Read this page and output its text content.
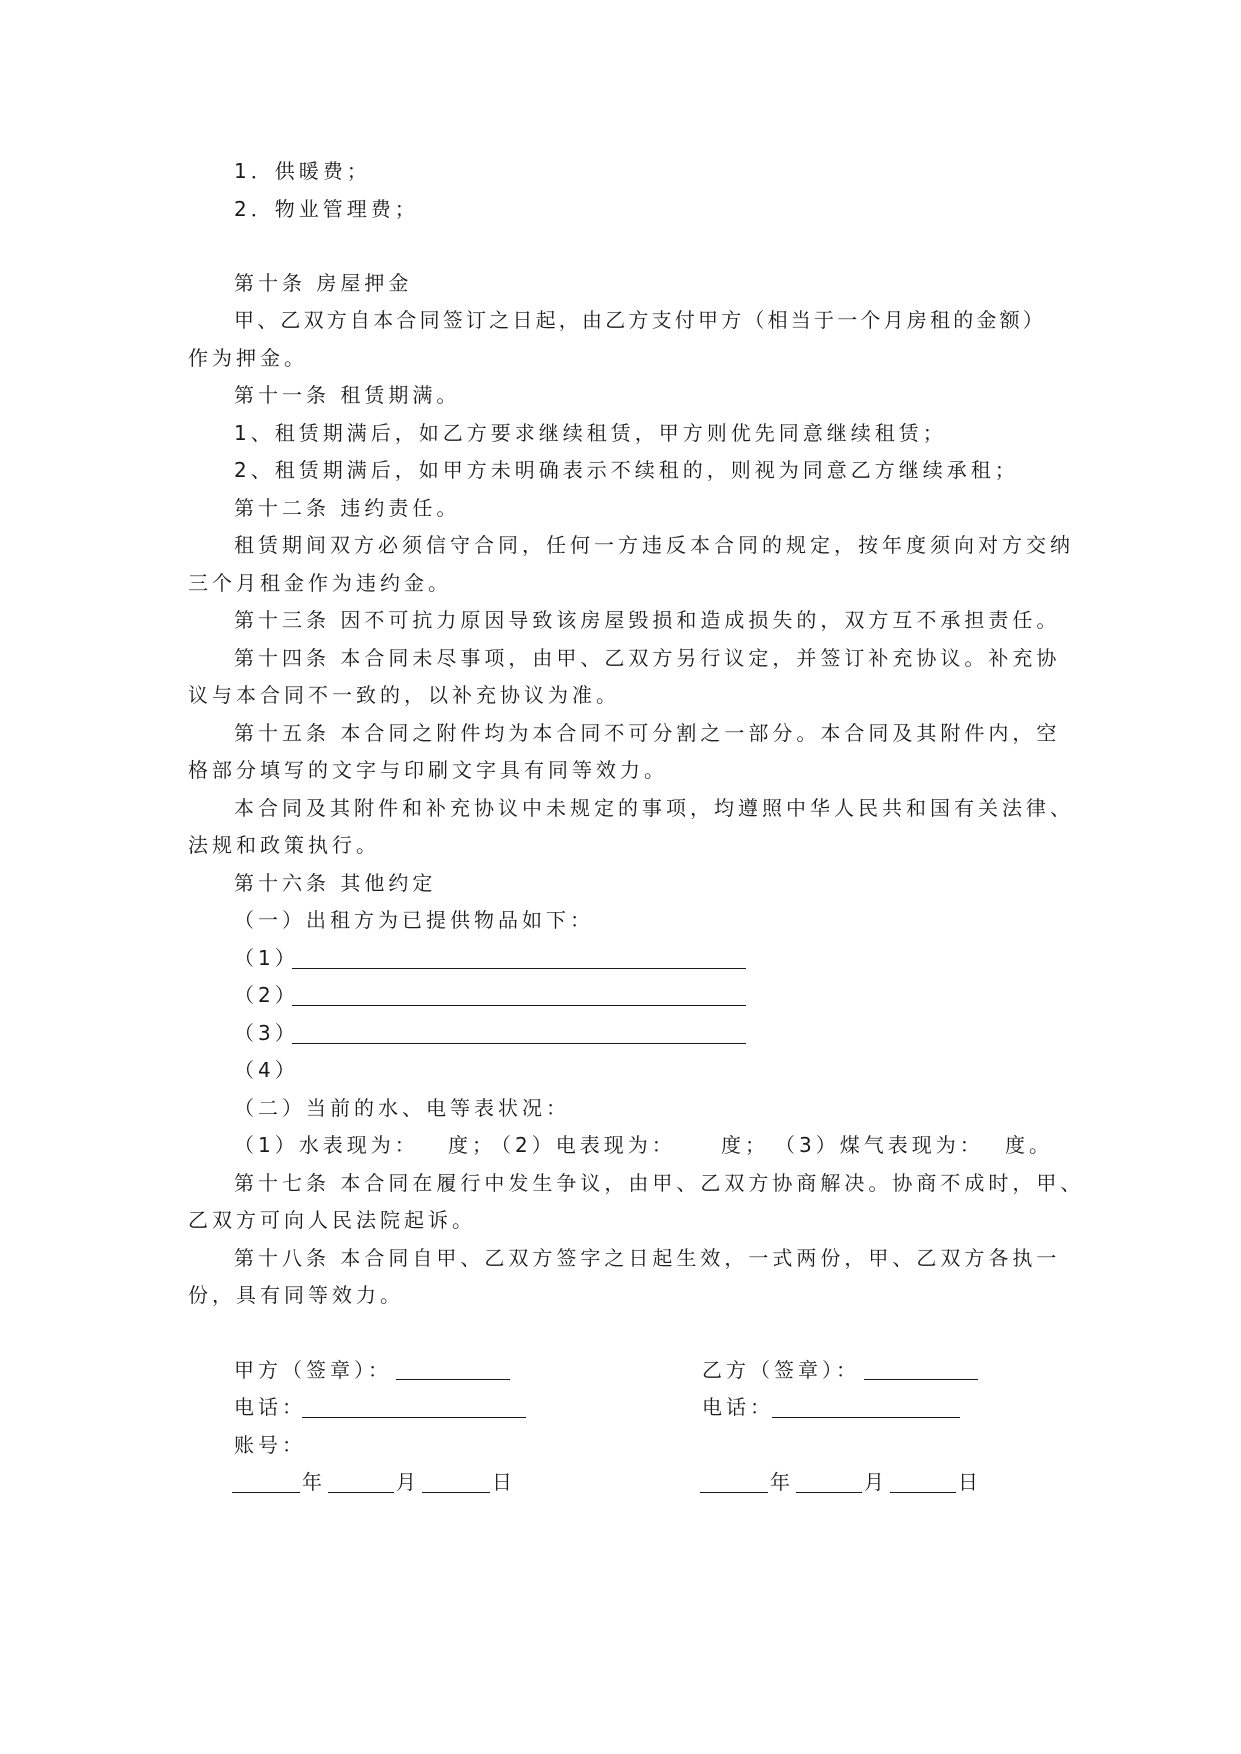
1．供暖费；
2．物业管理费；
第十条 房屋押金
甲、乙双方自本合同签订之日起，由乙方支付甲方（相当于一个月房租的金额）
作为押金。
第十一条 租赁期满。
1、租赁期满后，如乙方要求继续租赁，甲方则优先同意继续租赁；
2、租赁期满后，如甲方未明确表示不续租的，则视为同意乙方继续承租；
第十二条 违约责任。
租赁期间双方必须信守合同，任何一方违反本合同的规定，按年度须向对方交纳
三个月租金作为违约金。
第十三条 因不可抗力原因导致该房屋毁损和造成损失的，双方互不承担责任。
第十四条 本合同未尽事项，由甲、乙双方另行议定，并签订补充协议。补充协
议与本合同不一致的，以补充协议为准。
第十五条 本合同之附件均为本合同不可分割之一部分。本合同及其附件内，空
格部分填写的文字与印刷文字具有同等效力。
本合同及其附件和补充协议中未规定的事项，均遵照中华人民共和国有关法律、
法规和政策执行。
第十六条 其他约定
（一）出租方为已提供物品如下：
（1）
（2）
（3）
（4）
（二）当前的水、电等表状况：
（1）水表现为： 度；
（2）电表现为： 度； （3）煤气表现为： 度。
第十七条 本合同在履行中发生争议，由甲、乙双方协商解决。协商不成时，甲、
乙双方可向人民法院起诉。
第十八条 本合同自甲、乙双方签字之日起生效，一式两份，甲、乙双方各执一
份，具有同等效力。
甲方（签章）：
电话：
账号：
年	月	日
乙方（签章）：
电话：
年	月	日
